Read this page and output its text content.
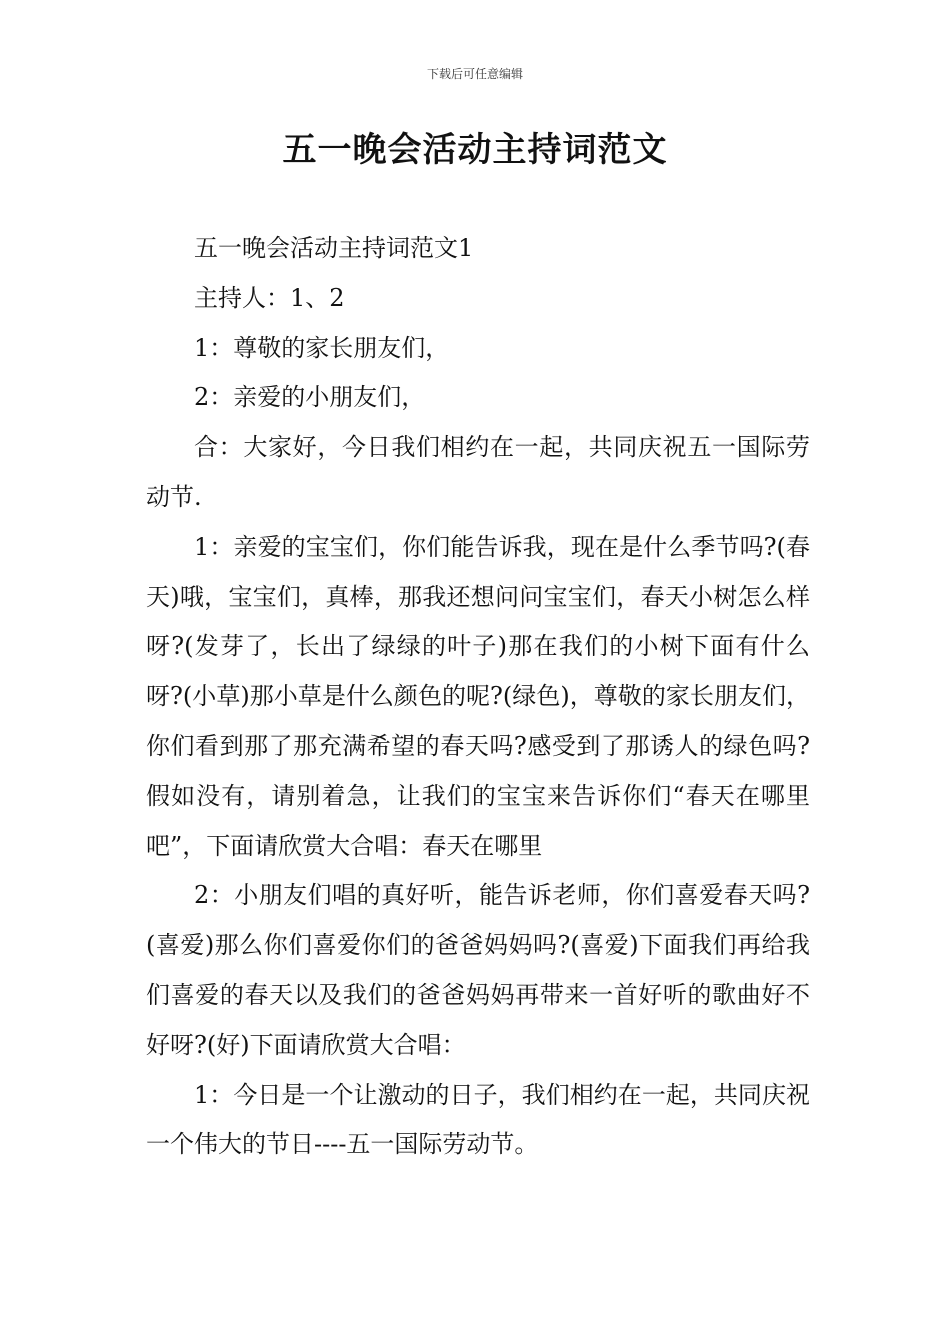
下载后可任意编辑
五一晚会活动主持词范文

五一晚会活动主持词范文1

主持人：1、2

1：尊敬的家长朋友们，

2：亲爱的小朋友们，

合：大家好，今日我们相约在一起，共同庆祝五一国际劳动节.

1：亲爱的宝宝们，你们能告诉我，现在是什么季节吗?(春天)哦，宝宝们，真棒，那我还想问问宝宝们，春天小树怎么样呀?(发芽了，长出了绿绿的叶子)那在我们的小树下面有什么呀?(小草)那小草是什么颜色的呢?(绿色)，尊敬的家长朋友们，你们看到那了那充满希望的春天吗?感受到了那诱人的绿色吗?假如没有，请别着急，让我们的宝宝来告诉你们“春天在哪里吧”，下面请欣赏大合唱：春天在哪里

2：小朋友们唱的真好听，能告诉老师，你们喜爱春天吗?(喜爱)那么你们喜爱你们的爸爸妈妈吗?(喜爱)下面我们再给我们喜爱的春天以及我们的爸爸妈妈再带来一首好听的歌曲好不好呀?(好)下面请欣赏大合唱：

1：今日是一个让激动的日子，我们相约在一起，共同庆祝一个伟大的节日----五一国际劳动节。
